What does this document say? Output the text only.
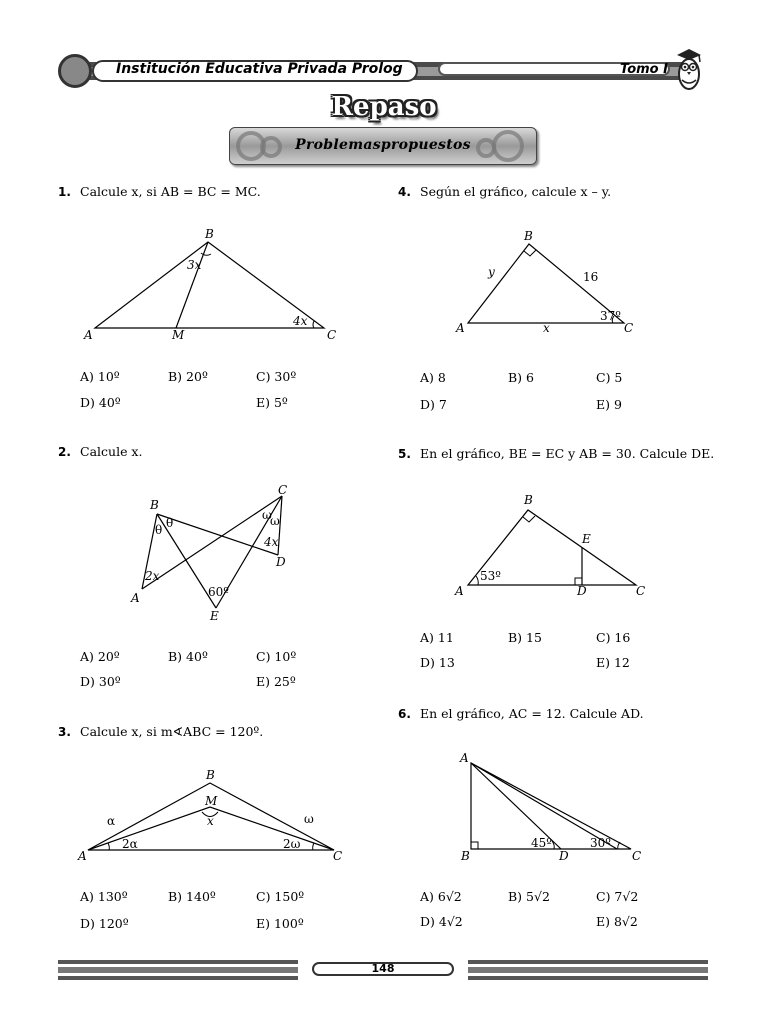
Institución Educativa Privada Prolog	Tomo I
Repaso
Problemaspropuestos
1. Calcule x, si AB = BC = MC.
B
A	M	C
3x
4x
A) 10º	B) 20º	C) 30º
D) 40º	E) 5º
2. Calcule x.
B
A
C
D
E
θ
θ
ω
ω
4x
2x
60º
A) 20º	B) 40º	C) 10º
D) 30º	E) 25º
3. Calcule x, si m∢ABC = 120º.
B
M
x
A	C
α
2α
ω
2ω
A) 130º	B) 140º	C) 150º
D) 120º	E) 100º
4. Según el gráfico, calcule x – y.
B
A	C
y	16
x
37º
A) 8	B) 6	C) 5
D) 7	E) 9
5. En el gráfico, BE = EC y AB = 30. Calcule DE.
B
A	D	C
E
53º
A) 11	B) 15	C) 16
D) 13	E) 12
6. En el gráfico, AC = 12. Calcule AD.
A
B	D	C
45º	30º
A) 6√2	B) 5√2	C) 7√2
D) 4√2	E) 8√2
148
